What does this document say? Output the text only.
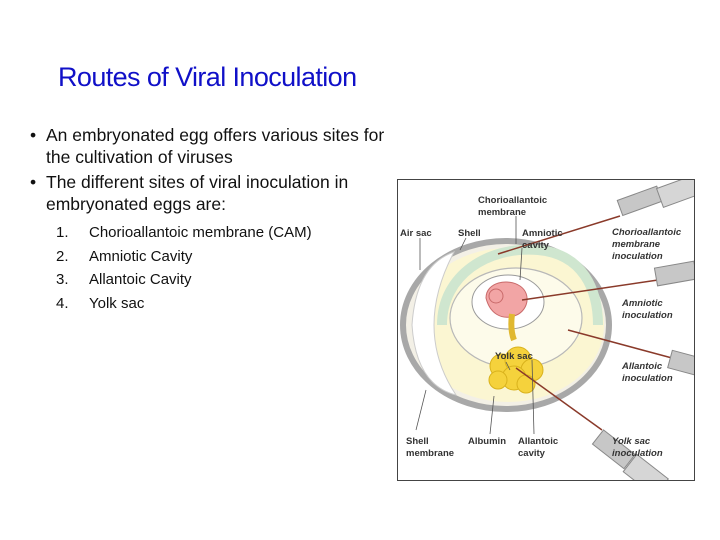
Routes of Viral Inoculation
• An embryonated egg offers various sites for the cultivation of viruses
• The different sites of viral inoculation in embryonated eggs are:
1.	Chorioallantoic membrane (CAM)
2.	Amniotic Cavity
3.	Allantoic Cavity
4.	Yolk sac
Chorioallantoic
membrane
Air sac	Shell	Amniotic
cavity
Yolk sac
Shell
membrane
Albumin Allantoic
cavity
Chorioallantoic
membrane
inoculation
Amniotic
inoculation
Allantoic
inoculation
Yolk sac
inoculation
